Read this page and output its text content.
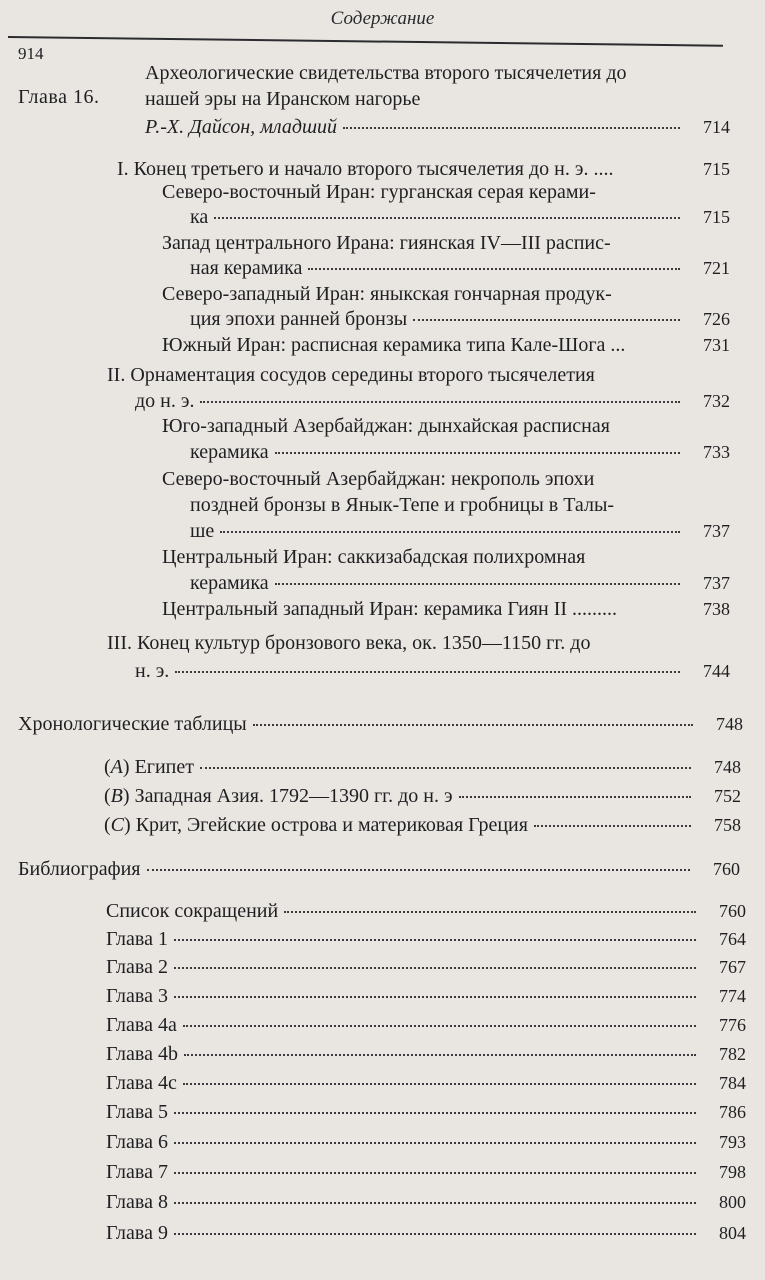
Содержание
914
Глава 16.
Археологические свидетельства второго тысячелетия до
нашей эры на Иранском нагорье
Р.-Х. Дайсон, младший	714
I. Конец третьего и начало второго тысячелетия до н. э. ....	715
Северо-восточный Иран: гурганская серая керами-
ка	715
Запад центрального Ирана: гиянская IV—III распис-
ная керамика	721
Северо-западный Иран: яныкская гончарная продук-
ция эпохи ранней бронзы	726
Южный Иран: расписная керамика типа Кале-Шога ...	731
II. Орнаментация сосудов середины второго тысячелетия
до н. э.	732
Юго-западный Азербайджан: дынхайская расписная
керамика	733
Северо-восточный Азербайджан: некрополь эпохи
поздней бронзы в Янык-Тепе и гробницы в Талы-
ше	737
Центральный Иран: саккизабадская полихромная
керамика	737
Центральный западный Иран: керамика Гиян II .........	738
III. Конец культур бронзового века, ок. 1350—1150 гг. до
н. э.	744
Хронологические таблицы	748
(A) Египет	748
(B) Западная Азия. 1792—1390 гг. до н. э	752
(C) Крит, Эгейские острова и материковая Греция	758
Библиография	760
Список сокращений	760
Глава 1	764
Глава 2	767
Глава 3	774
Глава 4а	776
Глава 4b	782
Глава 4с	784
Глава 5	786
Глава 6	793
Глава 7	798
Глава 8	800
Глава 9	804
